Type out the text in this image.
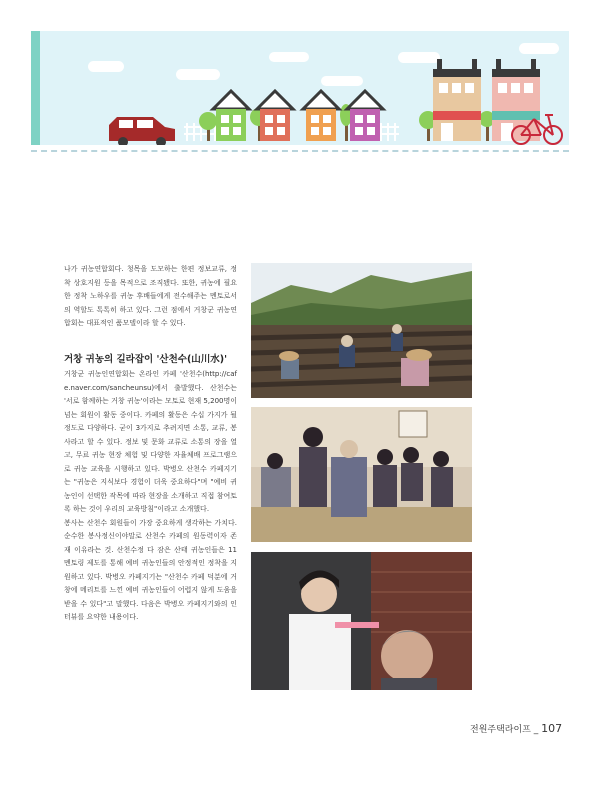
나가 귀농연합회다. 청목을 도모하는 한편 정보교류, 정착 상호지원 등을 목적으로 조직됐다. 또한, 귀농에 필요한 정착 노하우를 귀농 후배들에게 전수해주는 멘토로서의 역할도 톡톡히 하고 있다. 그런 점에서 거창군 귀농연합회는 대표적인 품모델이라 할 수 있다.

거창 귀농의 길라잡이 '산천수(山川水)'

거창군 귀농인연합회는 온라인 카페 '산천수(http://cafe.naver.com/sancheunsu)에서 출발했다. 산천수는 '서로 함께하는 거창 귀농'이라는 모토로 현재 5,200명이 넘는 회원이 활동 중이다. 카페의 활동은 수십 가지가 될 정도로 다양하다. 굳이 3가지로 추려지면 소통, 교류, 봉사라고 할 수 있다. 정보 및 문화 교류로 소통의 장을 열고, 무료 귀농 현장 체험 및 다양한 자율체배 프로그램으로 귀농 교육을 시행하고 있다. 박병오 산천수 카페지기는 "귀농은 지식보다 경험이 더욱 중요하다"며 "예비 귀농인이 선택한 작목에 따라 현장을 소개하고 직접 참여토록 하는 것이 우리의 교육방침"이라고 소개했다.

봉사는 산천수 회원들이 가장 중요하게 생각하는 가치다. 순수한 봉사정신이야말로 산천수 카페의 원동력이자 존재 이유라는 것. 산천수정 다 잠은 산태 귀농인들은 11 멘토링 제도를 통해 예비 귀농인들의 안정적인 정착을 지원하고 있다. 박병오 카페지기는 "산천수 카페 덕분에 거창에 메리트를 느낀 예비 귀농인들이 어렵지 않게 도움을 받을 수 있다"고 말했다. 다음은 박병오 카페지기와의 인터뷰를 요약한 내용이다.

전원주택라이프 _ 107
